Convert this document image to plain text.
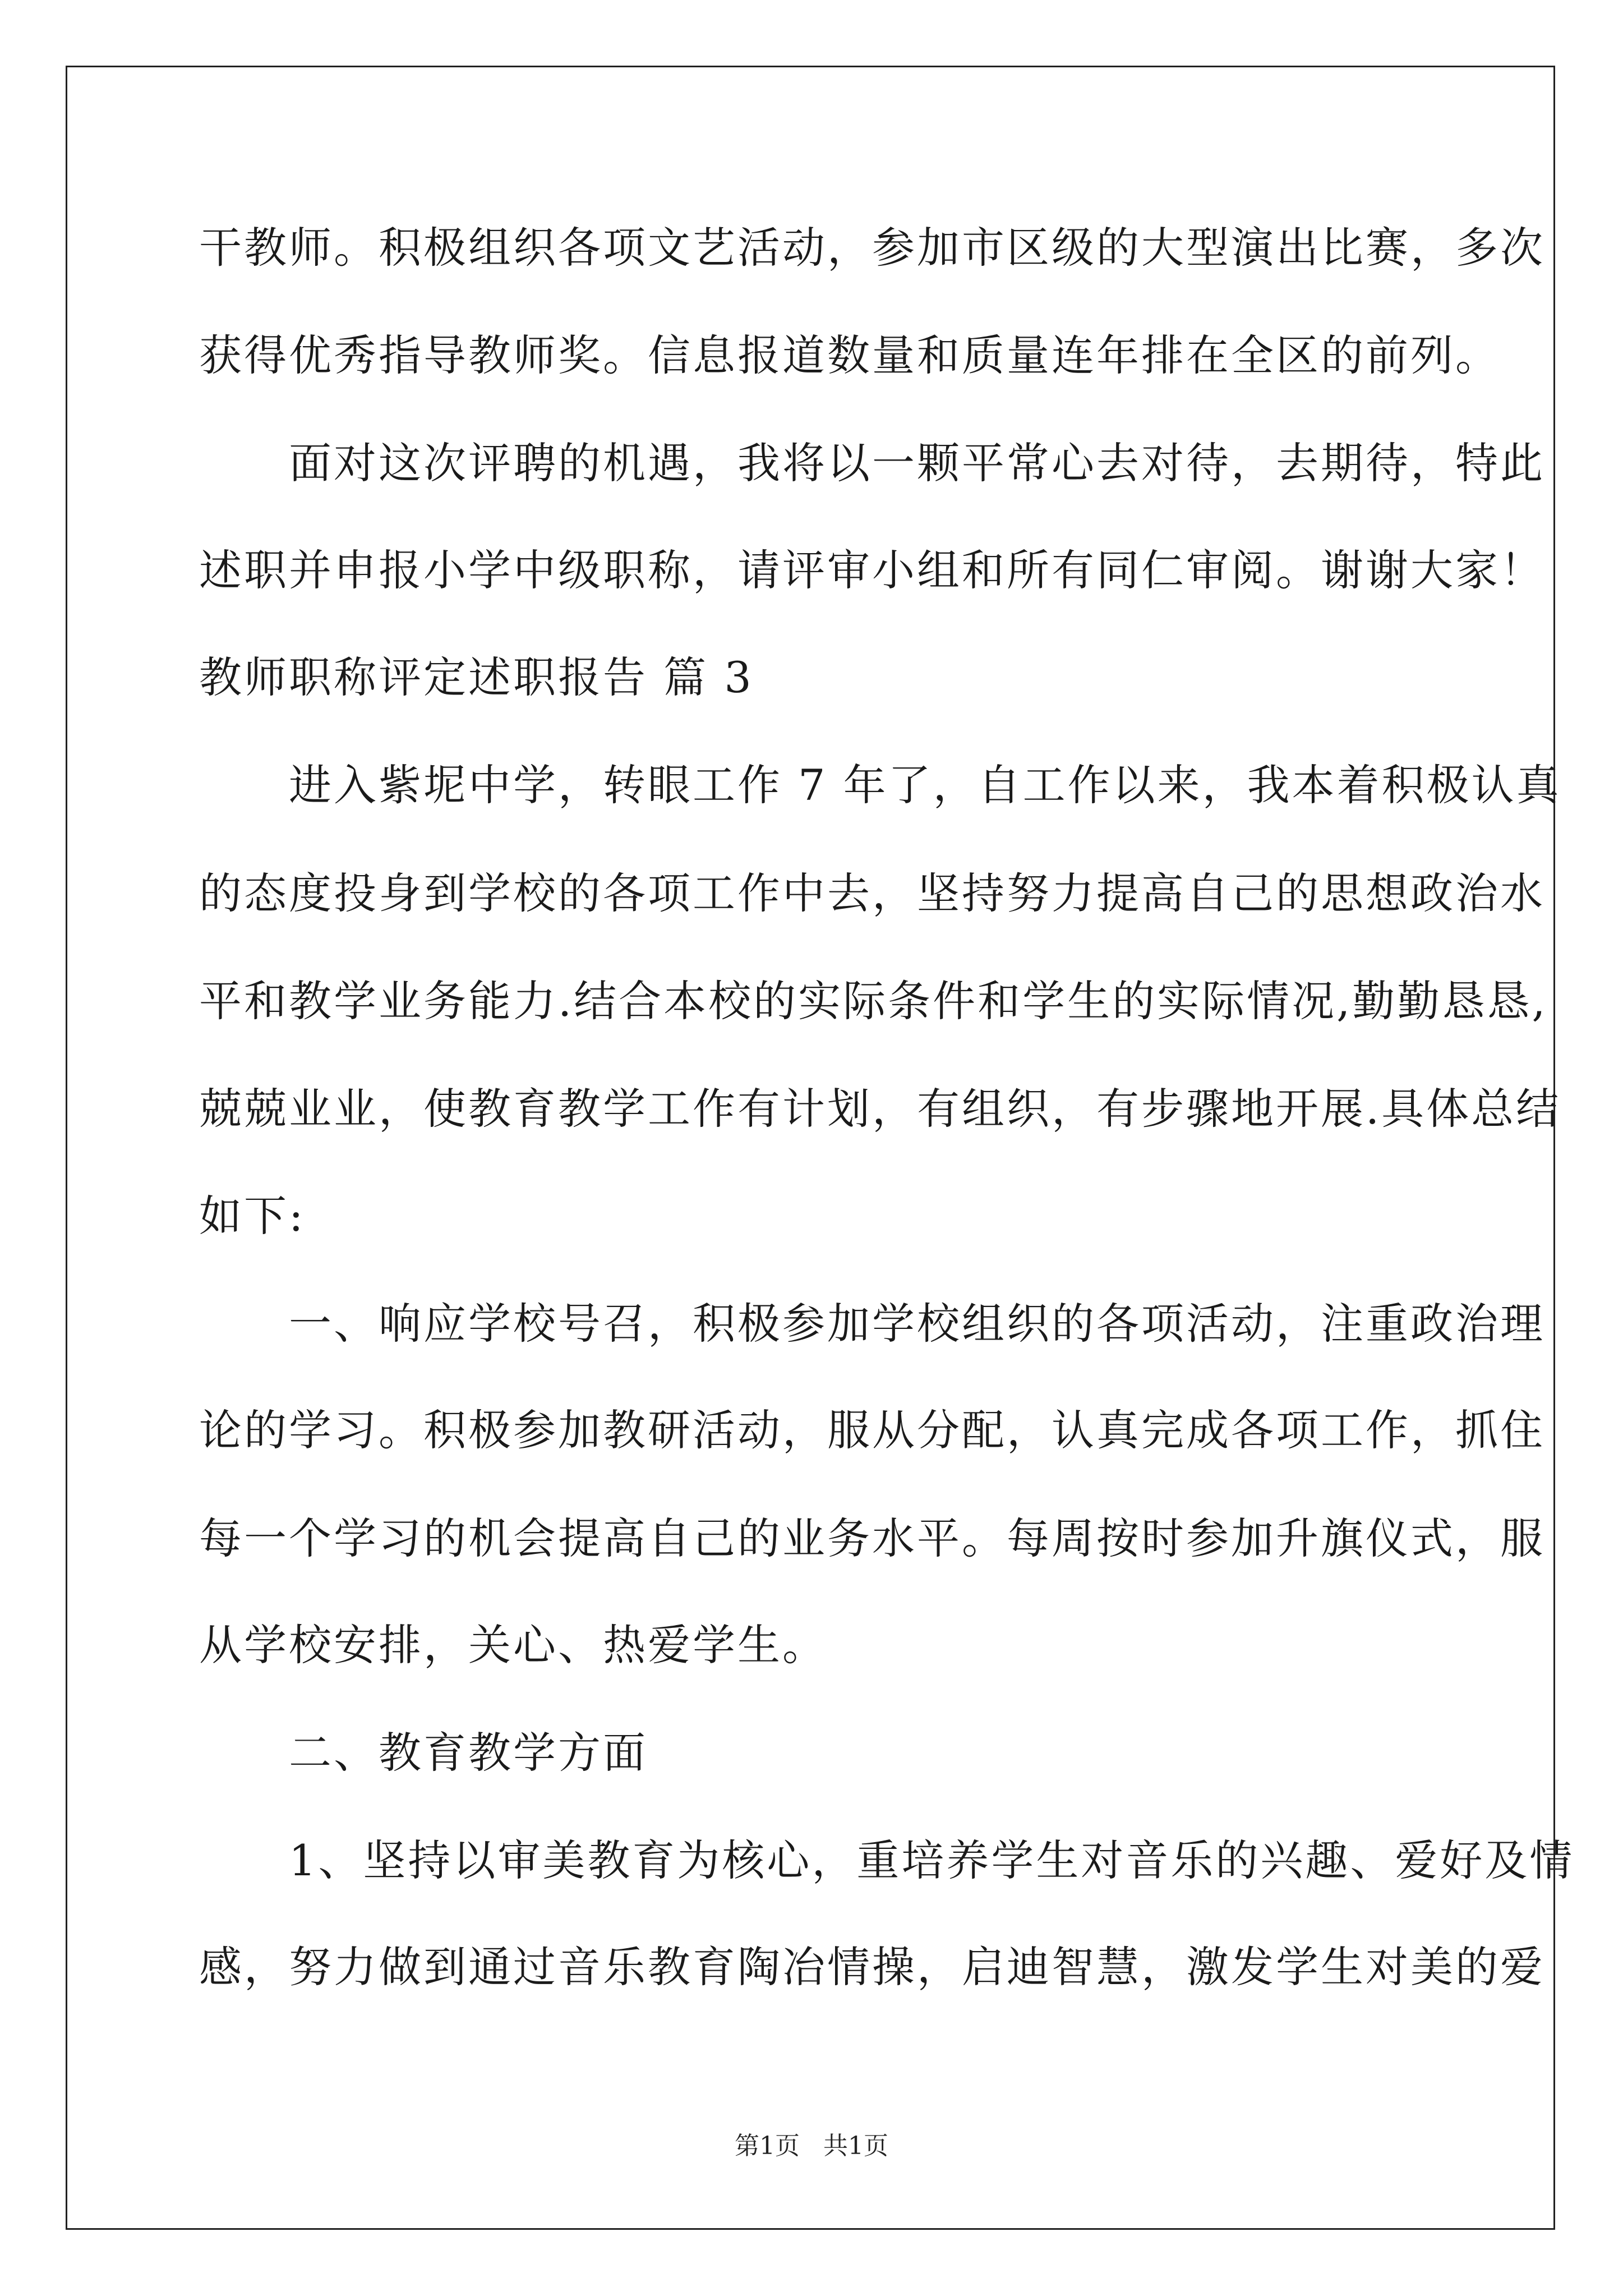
干教师。积极组织各项文艺活动，参加市区级的大型演出比赛，多次
获得优秀指导教师奖。信息报道数量和质量连年排在全区的前列。
　　面对这次评聘的机遇，我将以一颗平常心去对待，去期待，特此
述职并申报小学中级职称，请评审小组和所有同仁审阅。谢谢大家！
教师职称评定述职报告 篇 3
　　进入紫坭中学，转眼工作 7 年了，自工作以来，我本着积极认真
的态度投身到学校的各项工作中去，坚持努力提高自己的思想政治水
平和教学业务能力.结合本校的实际条件和学生的实际情况,勤勤恳恳,
兢兢业业，使教育教学工作有计划，有组织，有步骤地开展.具体总结
如下:
　　一、响应学校号召，积极参加学校组织的各项活动，注重政治理
论的学习。积极参加教研活动，服从分配，认真完成各项工作，抓住
每一个学习的机会提高自己的业务水平。每周按时参加升旗仪式，服
从学校安排，关心、热爱学生。
　　二、教育教学方面
　　1、坚持以审美教育为核心，重培养学生对音乐的兴趣、爱好及情
感，努力做到通过音乐教育陶冶情操，启迪智慧，激发学生对美的爱
第1页   共1页
